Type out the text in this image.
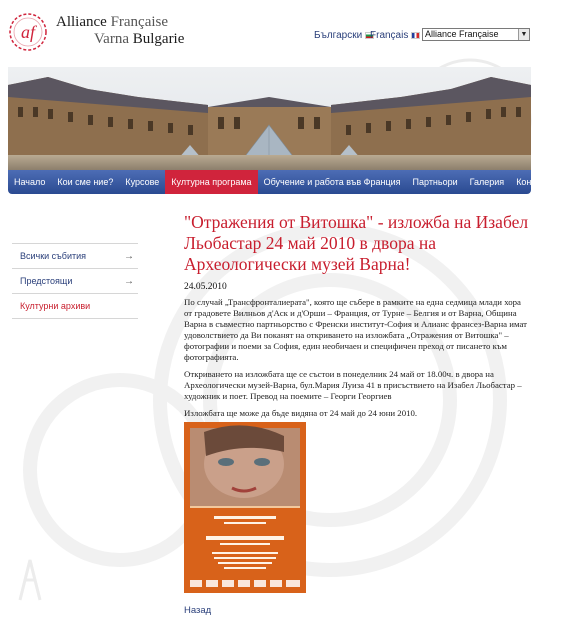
af Alliance Française
Varna Bulgarie	Български Français Alliance Française	▼
Начало	Кои сме ние?	Курсове	Културна програма	Обучение и работа във Франция	Партньори	Галерия	Контакти
Всички събития	→
Предстоящи	→
Културни архиви
"Отражения от Витошка" - изложба на Изабел Льобастар 24 май 2010 в двора на Археологически музей Варна!
24.05.2010

По случай „Трансфронталиерата", която ще събере в рамките на една седмица млади хора от градовете Вилньов д'Аск и д'Орши – Франция, от Турне – Белгия и от Варна, Община Варна в съвместно партньорство с Френски институт-София и Алианс франсез-Варна имат удоволствието да Ви поканят на откриването на изложбата „Отражения от Витошка" – фотографии и поеми за София, един необичаен и специфичен преход от писането към фотографията.

Откриването на изложбата ще се състои в понеделник 24 май от 18.00ч. в двора на Археологически музей-Варна, бул.Мария Луиза 41 в присъствието на Изабел Льобастар – художник и поет. Превод на поемите – Георги Георгиев

Изложбата ще може да бъде видяна от 24 май до 24 юни 2010.

Назад
